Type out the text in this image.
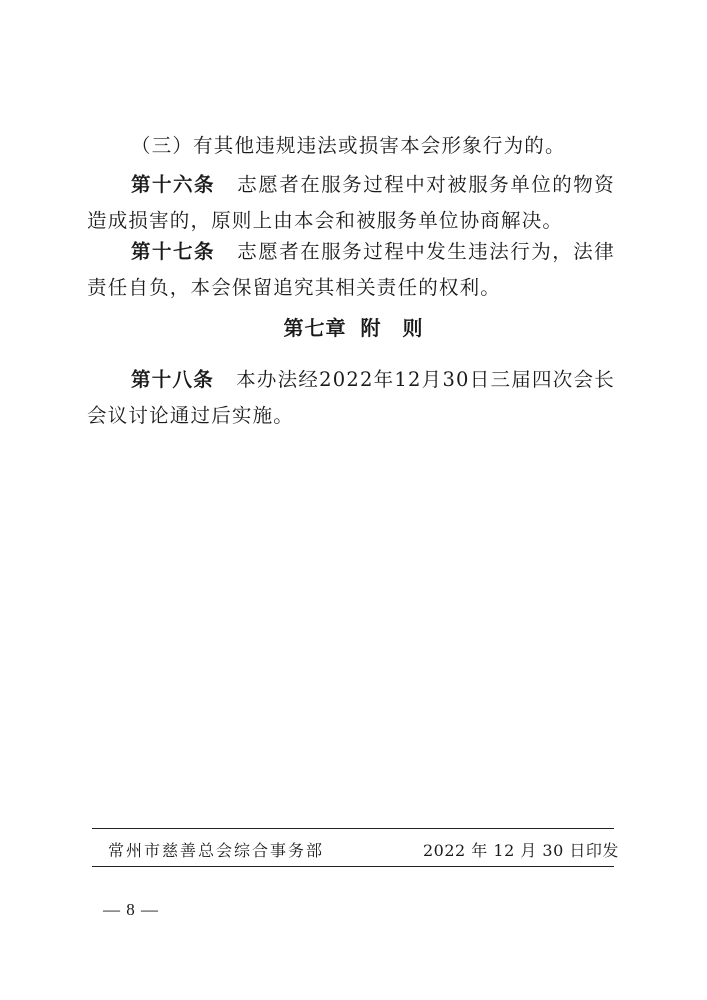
（三）有其他违规违法或损害本会形象行为的。

第十六条 志愿者在服务过程中对被服务单位的物资造成损害的，原则上由本会和被服务单位协商解决。

第十七条 志愿者在服务过程中发生违法行为，法律责任自负，本会保留追究其相关责任的权利。

第七章 附　则

第十八条 本办法经2022年12月30日三届四次会长会议讨论通过后实施。

常州市慈善总会综合事务部	2022 年 12 月 30 日印发
— 8 —
